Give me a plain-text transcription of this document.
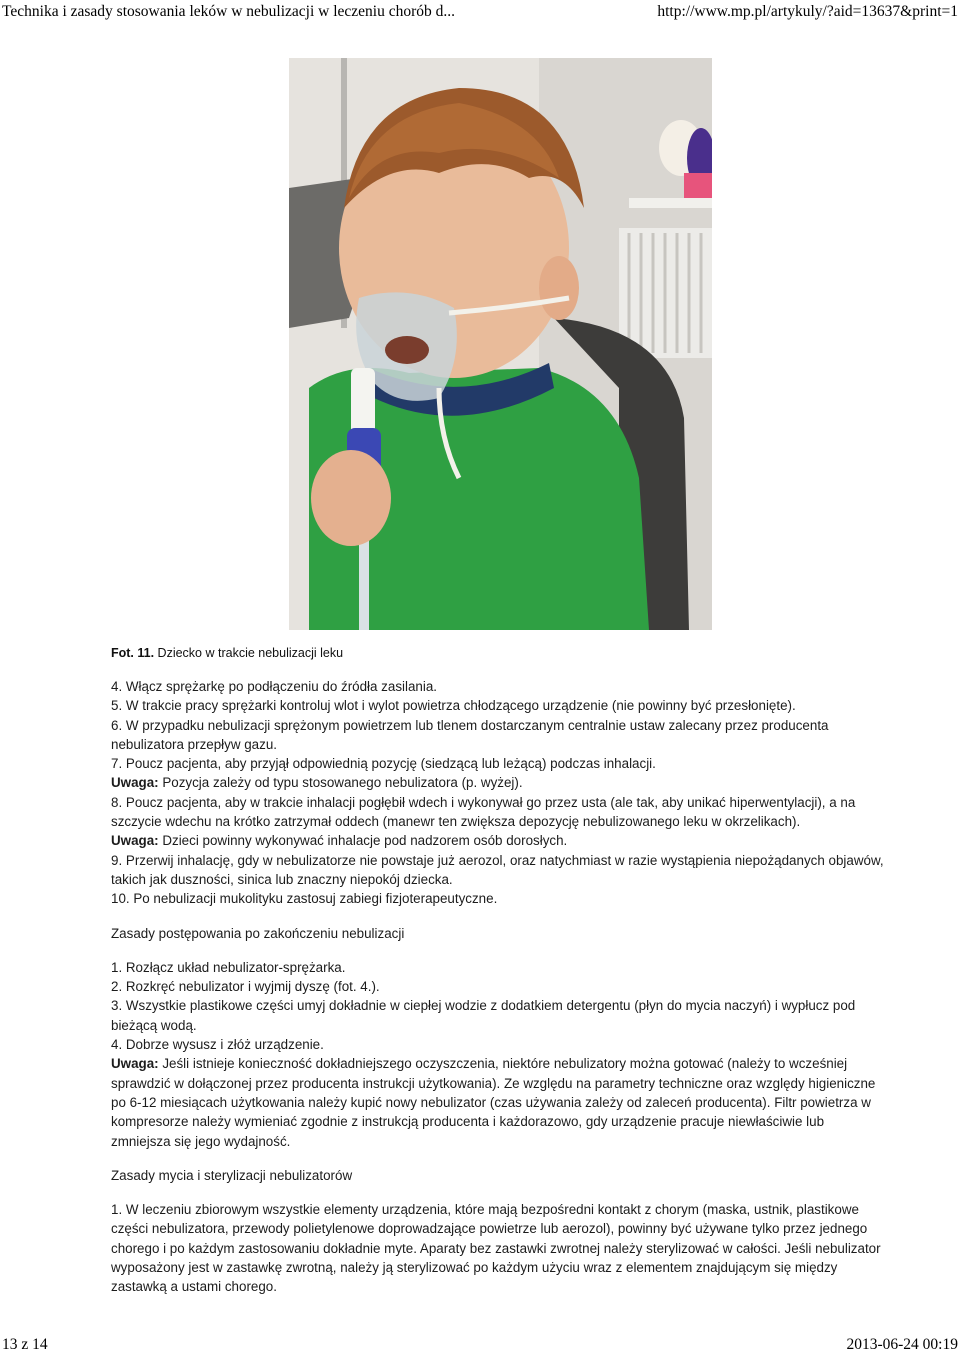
Technika i zasady stosowania leków w nebulizacji w leczeniu chorób d...	http://www.mp.pl/artykuly/?aid=13637&print=1
Fot. 11. Dziecko w trakcie nebulizacji leku

4. Włącz sprężarkę po podłączeniu do źródła zasilania.

5. W trakcie pracy sprężarki kontroluj wlot i wylot powietrza chłodzącego urządzenie (nie powinny być przesłonięte).

6. W przypadku nebulizacji sprężonym powietrzem lub tlenem dostarczanym centralnie ustaw zalecany przez producenta nebulizatora przepływ gazu.

7. Poucz pacjenta, aby przyjął odpowiednią pozycję (siedzącą lub leżącą) podczas inhalacji.

Uwaga: Pozycja zależy od typu stosowanego nebulizatora (p. wyżej).

8. Poucz pacjenta, aby w trakcie inhalacji pogłębił wdech i wykonywał go przez usta (ale tak, aby unikać hiperwentylacji), a na szczycie wdechu na krótko zatrzymał oddech (manewr ten zwiększa depozycję nebulizowanego leku w okrzelikach).

Uwaga: Dzieci powinny wykonywać inhalacje pod nadzorem osób dorosłych.

9. Przerwij inhalację, gdy w nebulizatorze nie powstaje już aerozol, oraz natychmiast w razie wystąpienia niepożądanych objawów, takich jak duszności, sinica lub znaczny niepokój dziecka.

10. Po nebulizacji mukolityku zastosuj zabiegi fizjoterapeutyczne.

Zasady postępowania po zakończeniu nebulizacji

1. Rozłącz układ nebulizator-sprężarka.

2. Rozkręć nebulizator i wyjmij dyszę (fot. 4.).

3. Wszystkie plastikowe części umyj dokładnie w ciepłej wodzie z dodatkiem detergentu (płyn do mycia naczyń) i wypłucz pod bieżącą wodą.

4. Dobrze wysusz i złóż urządzenie.

Uwaga: Jeśli istnieje konieczność dokładniejszego oczyszczenia, niektóre nebulizatory można gotować (należy to wcześniej sprawdzić w dołączonej przez producenta instrukcji użytkowania). Ze względu na parametry techniczne oraz względy higieniczne po 6-12 miesiącach użytkowania należy kupić nowy nebulizator (czas używania zależy od zaleceń producenta). Filtr powietrza w kompresorze należy wymieniać zgodnie z instrukcją producenta i każdorazowo, gdy urządzenie pracuje niewłaściwie lub zmniejsza się jego wydajność.

Zasady mycia i sterylizacji nebulizatorów

1. W leczeniu zbiorowym wszystkie elementy urządzenia, które mają bezpośredni kontakt z chorym (maska, ustnik, plastikowe części nebulizatora, przewody polietylenowe doprowadzające powietrze lub aerozol), powinny być używane tylko przez jednego chorego i po każdym zastosowaniu dokładnie myte. Aparaty bez zastawki zwrotnej należy sterylizować w całości. Jeśli nebulizator wyposażony jest w zastawkę zwrotną, należy ją sterylizować po każdym użyciu wraz z elementem znajdującym się między zastawką a ustami chorego.

13 z 14	2013-06-24 00:19
